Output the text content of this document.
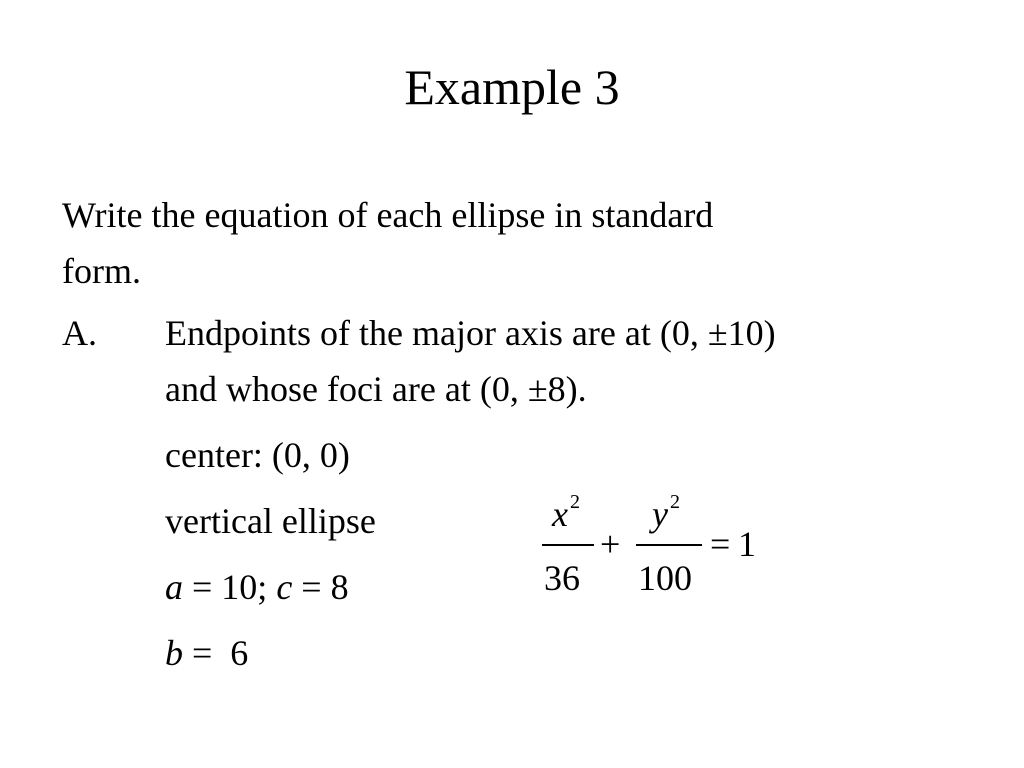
Example 3
Write the equation of each ellipse in standard
form.
A. Endpoints of the major axis are at (0, ±10)
and whose foci are at (0, ±8).
center: (0, 0)
vertical ellipse
a = 10; c = 8
b =  6
x $^2$
36
+
y $^2$
100
= 1
